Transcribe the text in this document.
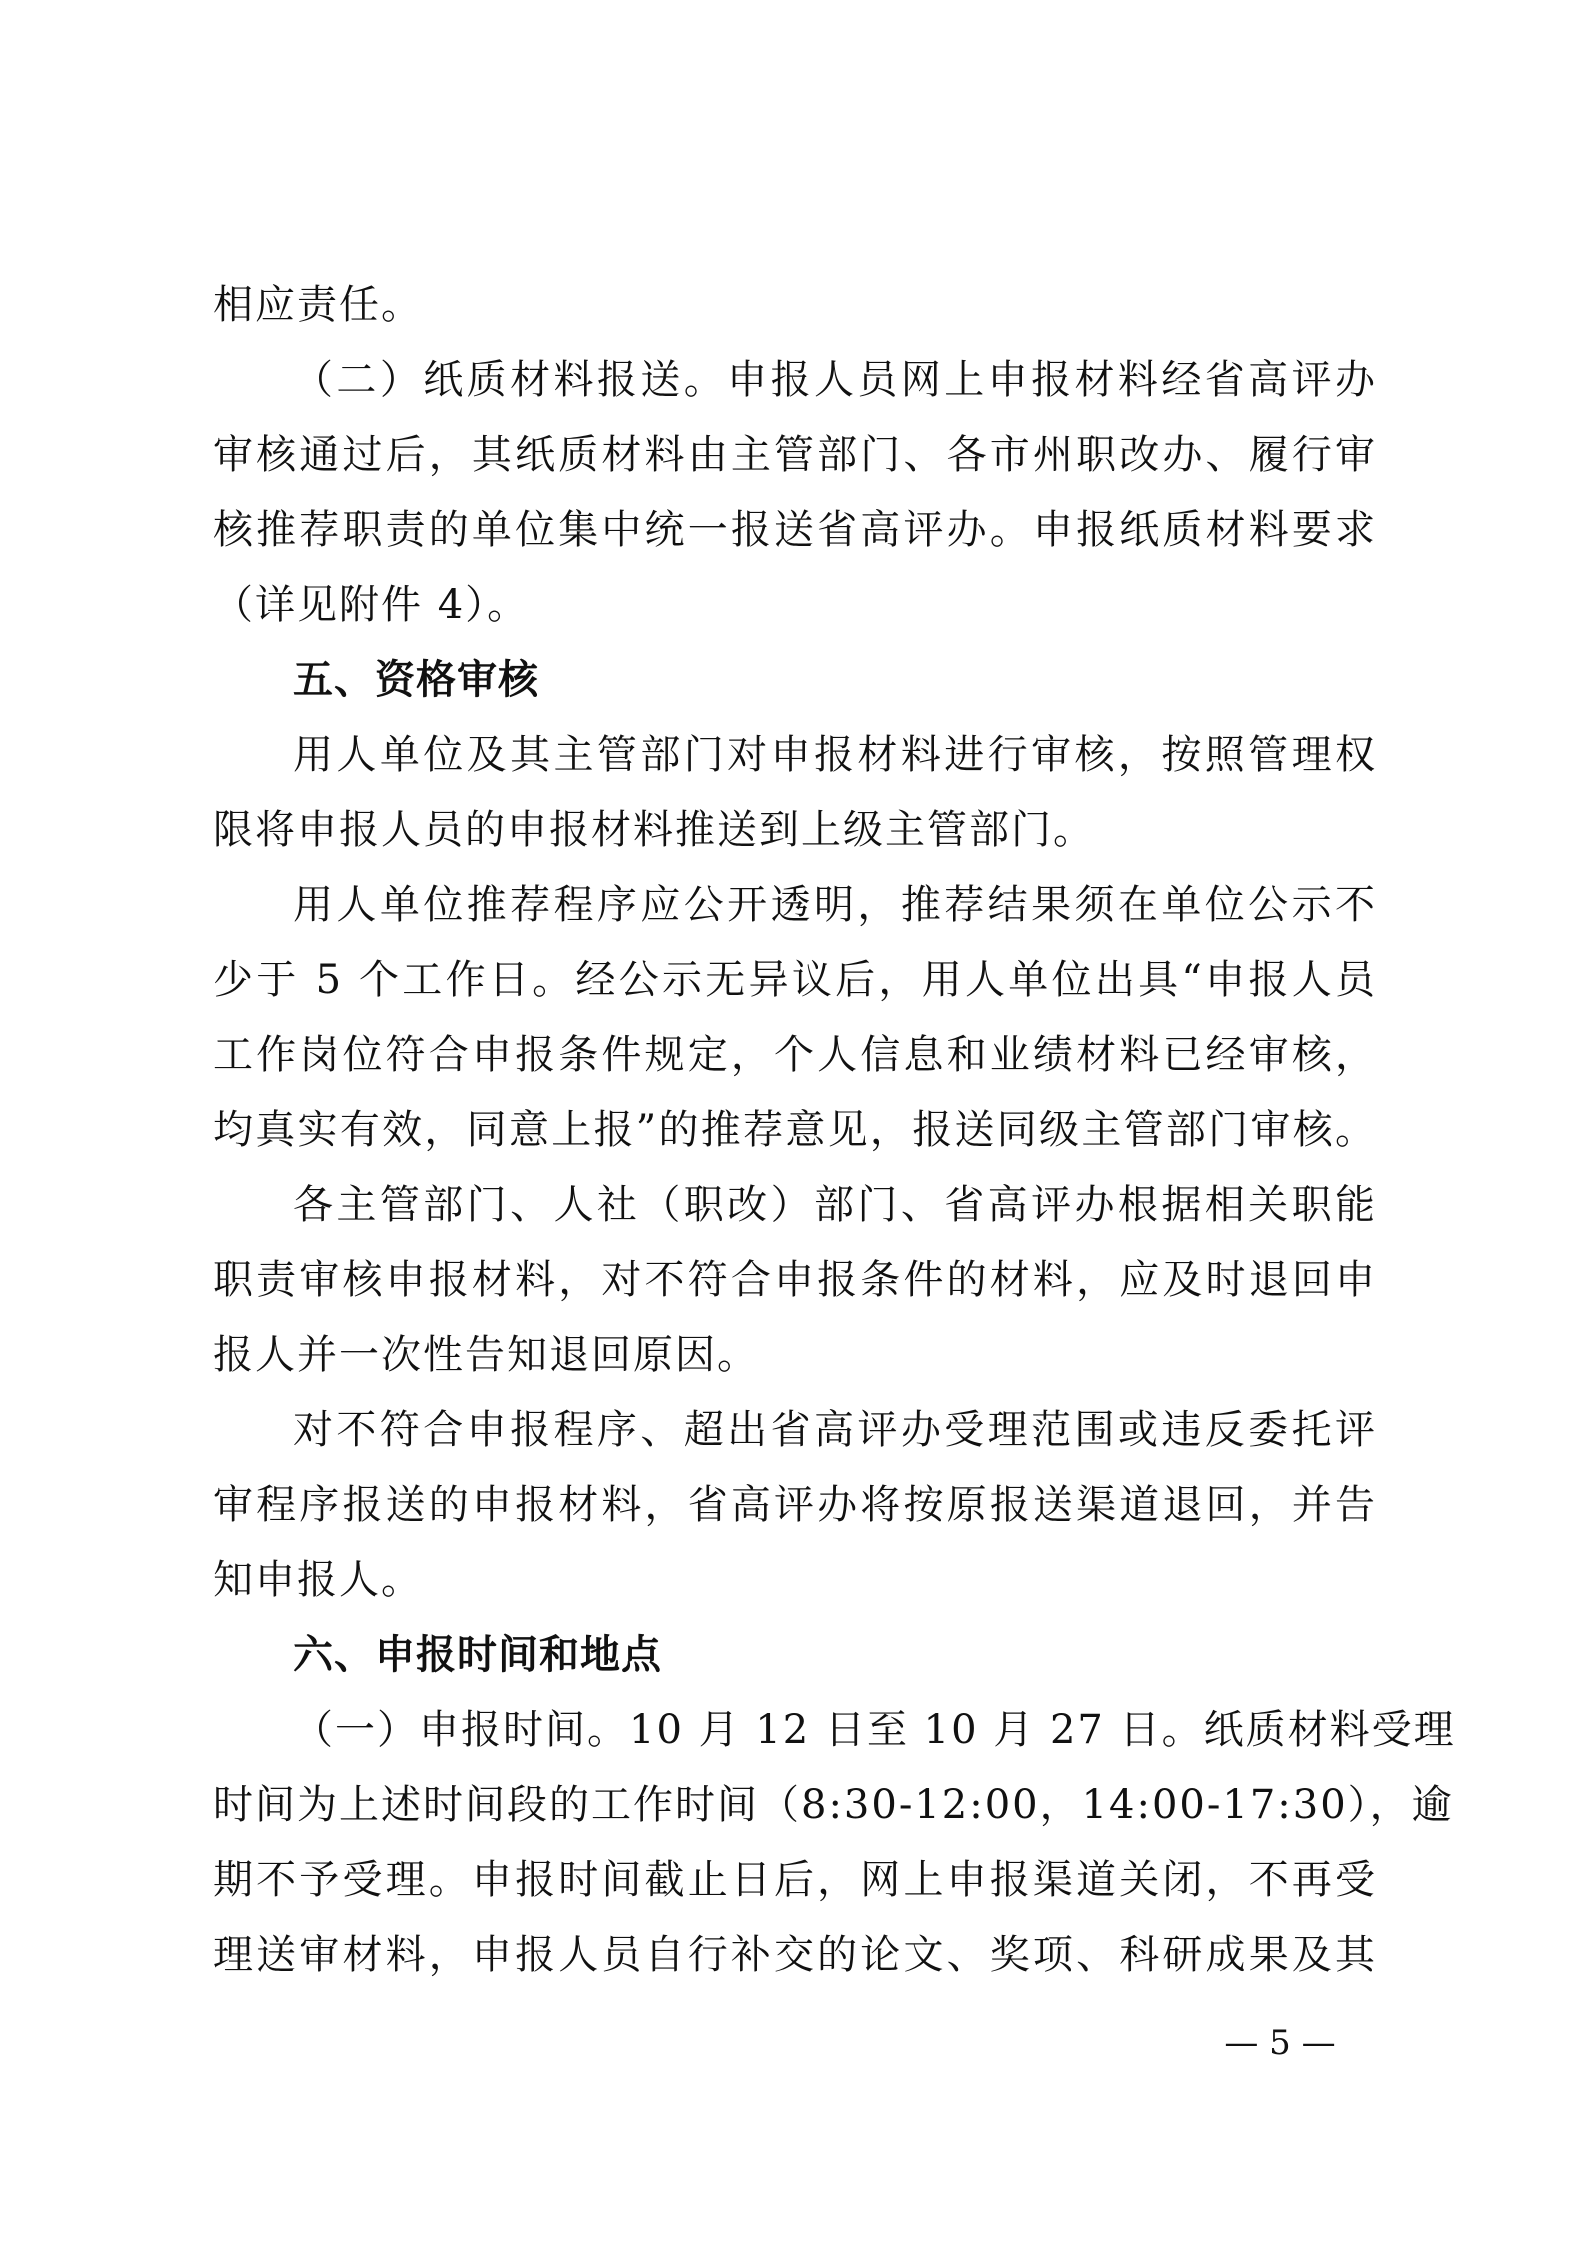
相应责任。
（二）纸质材料报送。申报人员网上申报材料经省高评办
审核通过后，其纸质材料由主管部门、各市州职改办、履行审
核推荐职责的单位集中统一报送省高评办。申报纸质材料要求
（详见附件 4）。
五、资格审核
用人单位及其主管部门对申报材料进行审核，按照管理权
限将申报人员的申报材料推送到上级主管部门。
用人单位推荐程序应公开透明，推荐结果须在单位公示不
少于 5 个工作日。经公示无异议后，用人单位出具“申报人员
工作岗位符合申报条件规定，个人信息和业绩材料已经审核，
均真实有效，同意上报”的推荐意见，报送同级主管部门审核。
各主管部门、人社（职改）部门、省高评办根据相关职能
职责审核申报材料，对不符合申报条件的材料，应及时退回申
报人并一次性告知退回原因。
对不符合申报程序、超出省高评办受理范围或违反委托评
审程序报送的申报材料，省高评办将按原报送渠道退回，并告
知申报人。
六、申报时间和地点
（一）申报时间。10 月 12 日至 10 月 27 日。纸质材料受理
时间为上述时间段的工作时间（8:30-12:00，14:00-17:30），逾
期不予受理。申报时间截止日后，网上申报渠道关闭，不再受
理送审材料，申报人员自行补交的论文、奖项、科研成果及其
— 5 —
